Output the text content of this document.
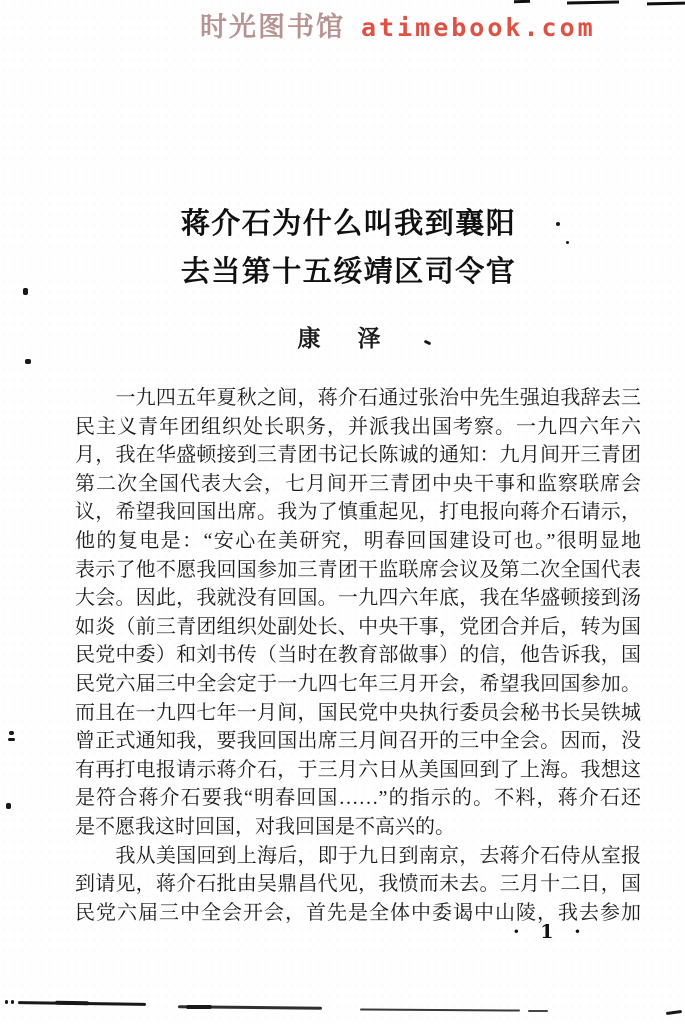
时光图书馆 atimebook.com
蒋介石为什么叫我到襄阳
去当第十五绥靖区司令官
康　泽
　　一九四五年夏秋之间，蒋介石通过张治中先生强迫我辞去三
民主义青年团组织处长职务，并派我出国考察。一九四六年六
月，我在华盛顿接到三青团书记长陈诚的通知：九月间开三青团
第二次全国代表大会，七月间开三青团中央干事和监察联席会
议，希望我回国出席。我为了慎重起见，打电报向蒋介石请示，
他的复电是：“安心在美研究，明春回国建设可也。”很明显地
表示了他不愿我回国参加三青团干监联席会议及第二次全国代表
大会。因此，我就没有回国。一九四六年底，我在华盛顿接到汤
如炎（前三青团组织处副处长、中央干事，党团合并后，转为国
民党中委）和刘书传（当时在教育部做事）的信，他告诉我，国
民党六届三中全会定于一九四七年三月开会，希望我回国参加。
而且在一九四七年一月间，国民党中央执行委员会秘书长吴铁城
曾正式通知我，要我回国出席三月间召开的三中全会。因而，没
有再打电报请示蒋介石，于三月六日从美国回到了上海。我想这
是符合蒋介石要我“明春回国……”的指示的。不料，蒋介石还
是不愿我这时回国，对我回国是不高兴的。
　　我从美国回到上海后，即于九日到南京，去蒋介石侍从室报
到请见，蒋介石批由吴鼎昌代见，我愤而未去。三月十二日，国
民党六届三中全会开会，首先是全体中委谒中山陵，我去参加
· 1 ·
